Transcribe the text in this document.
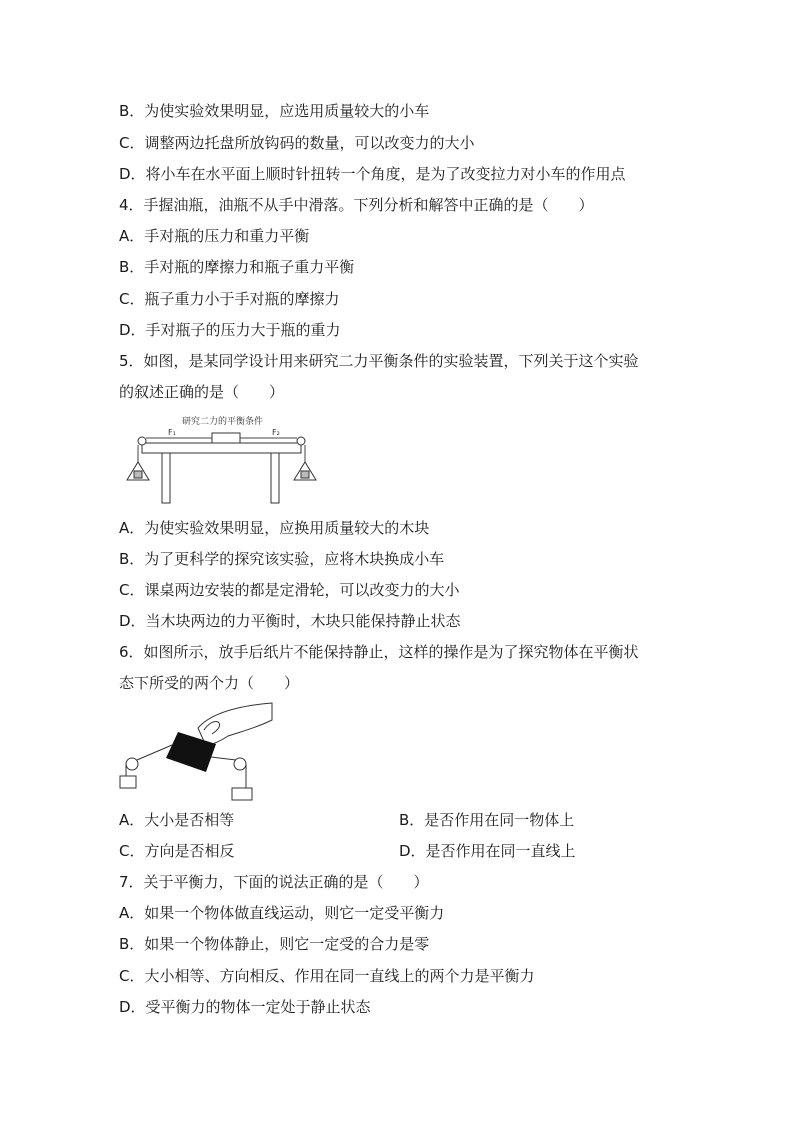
B．为使实验效果明显，应选用质量较大的小车
C．调整两边托盘所放钩码的数量，可以改变力的大小
D．将小车在水平面上顺时针扭转一个角度，是为了改变拉力对小车的作用点
4．手握油瓶，油瓶不从手中滑落。下列分析和解答中正确的是（　　）
A．手对瓶的压力和重力平衡
B．手对瓶的摩擦力和瓶子重力平衡
C．瓶子重力小于手对瓶的摩擦力
D．手对瓶子的压力大于瓶的重力
5．如图，是某同学设计用来研究二力平衡条件的实验装置，下列关于这个实验
的叙述正确的是（　　）
研究二力的平衡条件
F₁	F₂
A．为使实验效果明显，应换用质量较大的木块
B．为了更科学的探究该实验，应将木块换成小车
C．课桌两边安装的都是定滑轮，可以改变力的大小
D．当木块两边的力平衡时，木块只能保持静止状态
6．如图所示，放手后纸片不能保持静止，这样的操作是为了探究物体在平衡状
态下所受的两个力（　　）
A．大小是否相等	B．是否作用在同一物体上
C．方向是否相反	D．是否作用在同一直线上
7．关于平衡力，下面的说法正确的是（　　）
A．如果一个物体做直线运动，则它一定受平衡力
B．如果一个物体静止，则它一定受的合力是零
C．大小相等、方向相反、作用在同一直线上的两个力是平衡力
D．受平衡力的物体一定处于静止状态
